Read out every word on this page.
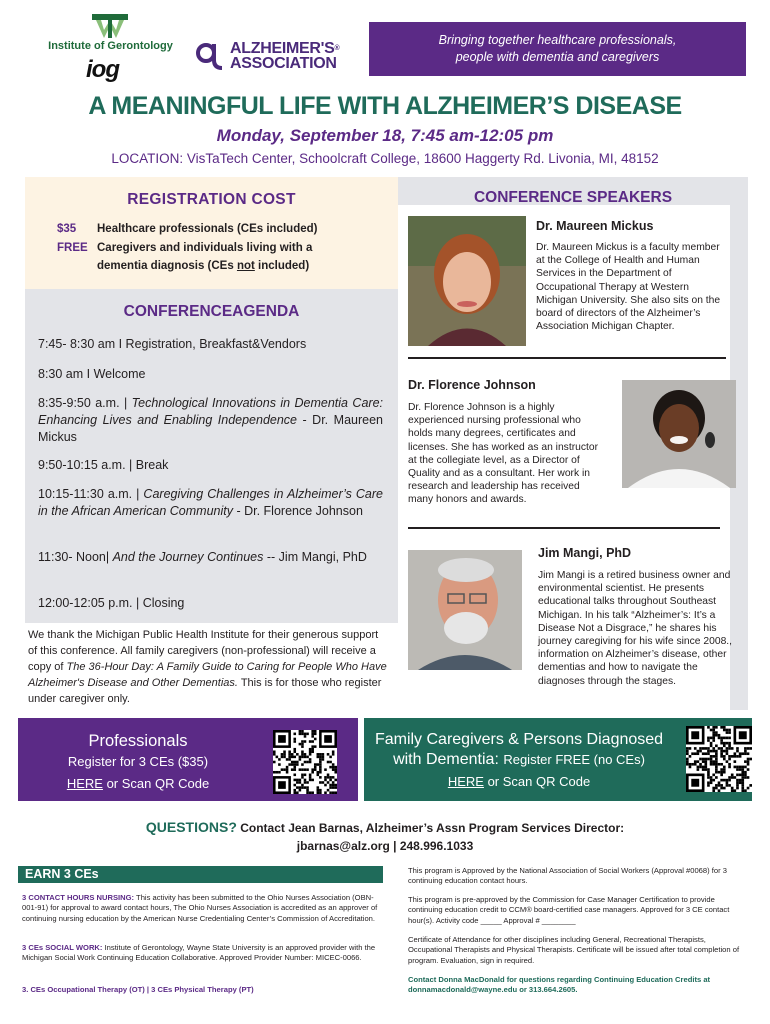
Institute of Gerontology
iog
ALZHEIMER'S®
ASSOCIATION
Bringing together healthcare professionals,
people with dementia and caregivers
A MEANINGFUL LIFE WITH ALZHEIMER’S DISEASE
Monday, September 18, 7:45 am-12:05 pm
LOCATION: VisTaTech Center, Schoolcraft College, 18600 Haggerty Rd. Livonia, MI, 48152
REGISTRATION COST
$35 Healthcare professionals (CEs included)
FREE Caregivers and individuals living with a dementia diagnosis (CEs not included)
CONFERENCEAGENDA
7:45- 8:30 am I Registration, Breakfast&Vendors
8:30 am I Welcome
8:35-9:50 a.m. | Technological Innovations in Dementia Care: Enhancing Lives and Enabling Independence - Dr. Maureen Mickus
9:50-10:15 a.m. | Break
10:15-11:30 a.m. | Caregiving Challenges in Alzheimer’s Care in the African American Community - Dr. Florence Johnson
11:30- Noon| And the Journey Continues -- Jim Mangi, PhD
12:00-12:05 p.m. | Closing
We thank the Michigan Public Health Institute for their generous support of this conference. All family caregivers (non-professional) will receive a copy of The 36-Hour Day: A Family Guide to Caring for People Who Have Alzheimer's Disease and Other Dementias. This is for those who register under caregiver only.
CONFERENCE SPEAKERS
Dr. Maureen Mickus
Dr. Maureen Mickus is a faculty member at the College of Health and Human Services in the Department of Occupational Therapy at Western Michigan University. She also sits on the board of directors of the Alzheimer’s Association Michigan Chapter.
Dr. Florence Johnson
Dr. Florence Johnson is a highly experienced nursing professional who holds many degrees, certificates and licenses. She has worked as an instructor at the collegiate level, as a Director of Quality and as a consultant. Her work in research and leadership has received many honors and awards.
Jim Mangi, PhD
Jim Mangi is a retired business owner and environmental scientist. He presents educational talks throughout Southeast Michigan. In his talk “Alzheimer’s: It’s a Disease Not a Disgrace,” he shares his journey caregiving for his wife since 2008., information on Alzheimer’s disease, other dementias and how to navigate the diagnoses through the stages.
Professionals
Register for 3 CEs ($35)
HERE or Scan QR Code
Family Caregivers & Persons Diagnosed
with Dementia: Register FREE (no CEs)
HERE or Scan QR Code
QUESTIONS? Contact Jean Barnas, Alzheimer’s Assn Program Services Director:
jbarnas@alz.org | 248.996.1033
EARN 3 CEs
3 CONTACT HOURS NURSING: This activity has been submitted to the Ohio Nurses Association (OBN-001-91) for approval to award contact hours, The Ohio Nurses Association is accredited as an approver of continuing nursing education by the American Nurse Credentialing Center’s Commission of Accreditation.
3 CEs SOCIAL WORK: Institute of Gerontology, Wayne State University is an approved provider with the Michigan Social Work Continuing Education Collaborative. Approved Provider Number: MICEC-0066.
3. CEs Occupational Therapy (OT) | 3 CEs Physical Therapy (PT)
This program is Approved by the National Association of Social Workers (Approval #0068) for 3 continuing education contact hours.
This program is pre-approved by the Commission for Case Manager Certification to provide continuing education credit to CCM® board-certified case managers. Approved for 3 CE contact hour(s). Activity code _____ Approval # ________
Certificate of Attendance for other disciplines including General, Recreational Therapists, Occupational Therapists and Physical Therapists. Certificate will be issued after total completion of program. Evaluation, sign in required.
Contact Donna MacDonald for questions regarding Continuing Education Credits at donnamacdonald@wayne.edu or 313.664.2605.
